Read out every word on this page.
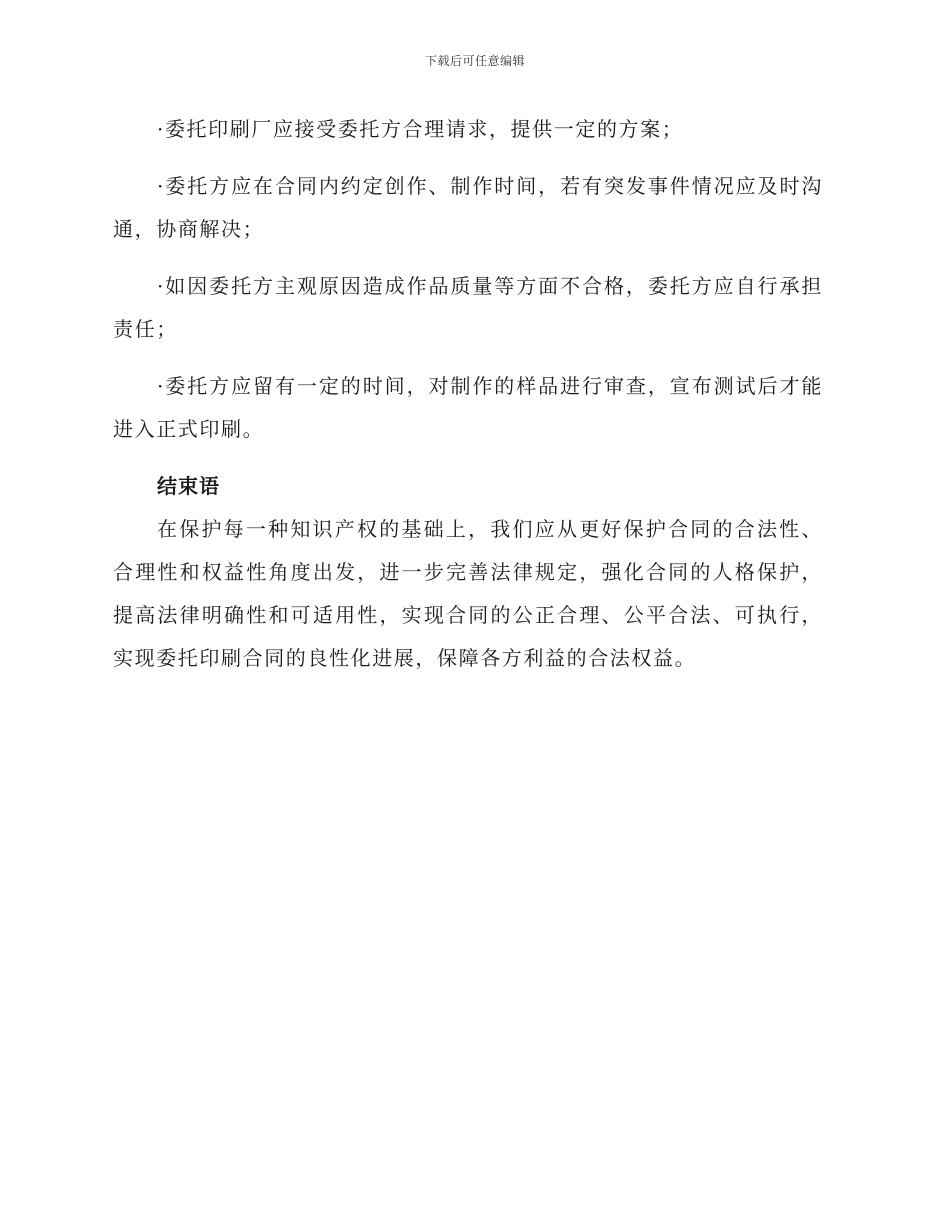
下载后可任意编辑

·委托印刷厂应接受委托方合理请求，提供一定的方案；

·委托方应在合同内约定创作、制作时间，若有突发事件情况应及时沟通，协商解决；

·如因委托方主观原因造成作品质量等方面不合格，委托方应自行承担责任；

·委托方应留有一定的时间，对制作的样品进行审查，宣布测试后才能进入正式印刷。

结束语

在保护每一种知识产权的基础上，我们应从更好保护合同的合法性、合理性和权益性角度出发，进一步完善法律规定，强化合同的人格保护，提高法律明确性和可适用性，实现合同的公正合理、公平合法、可执行，实现委托印刷合同的良性化进展，保障各方利益的合法权益。
